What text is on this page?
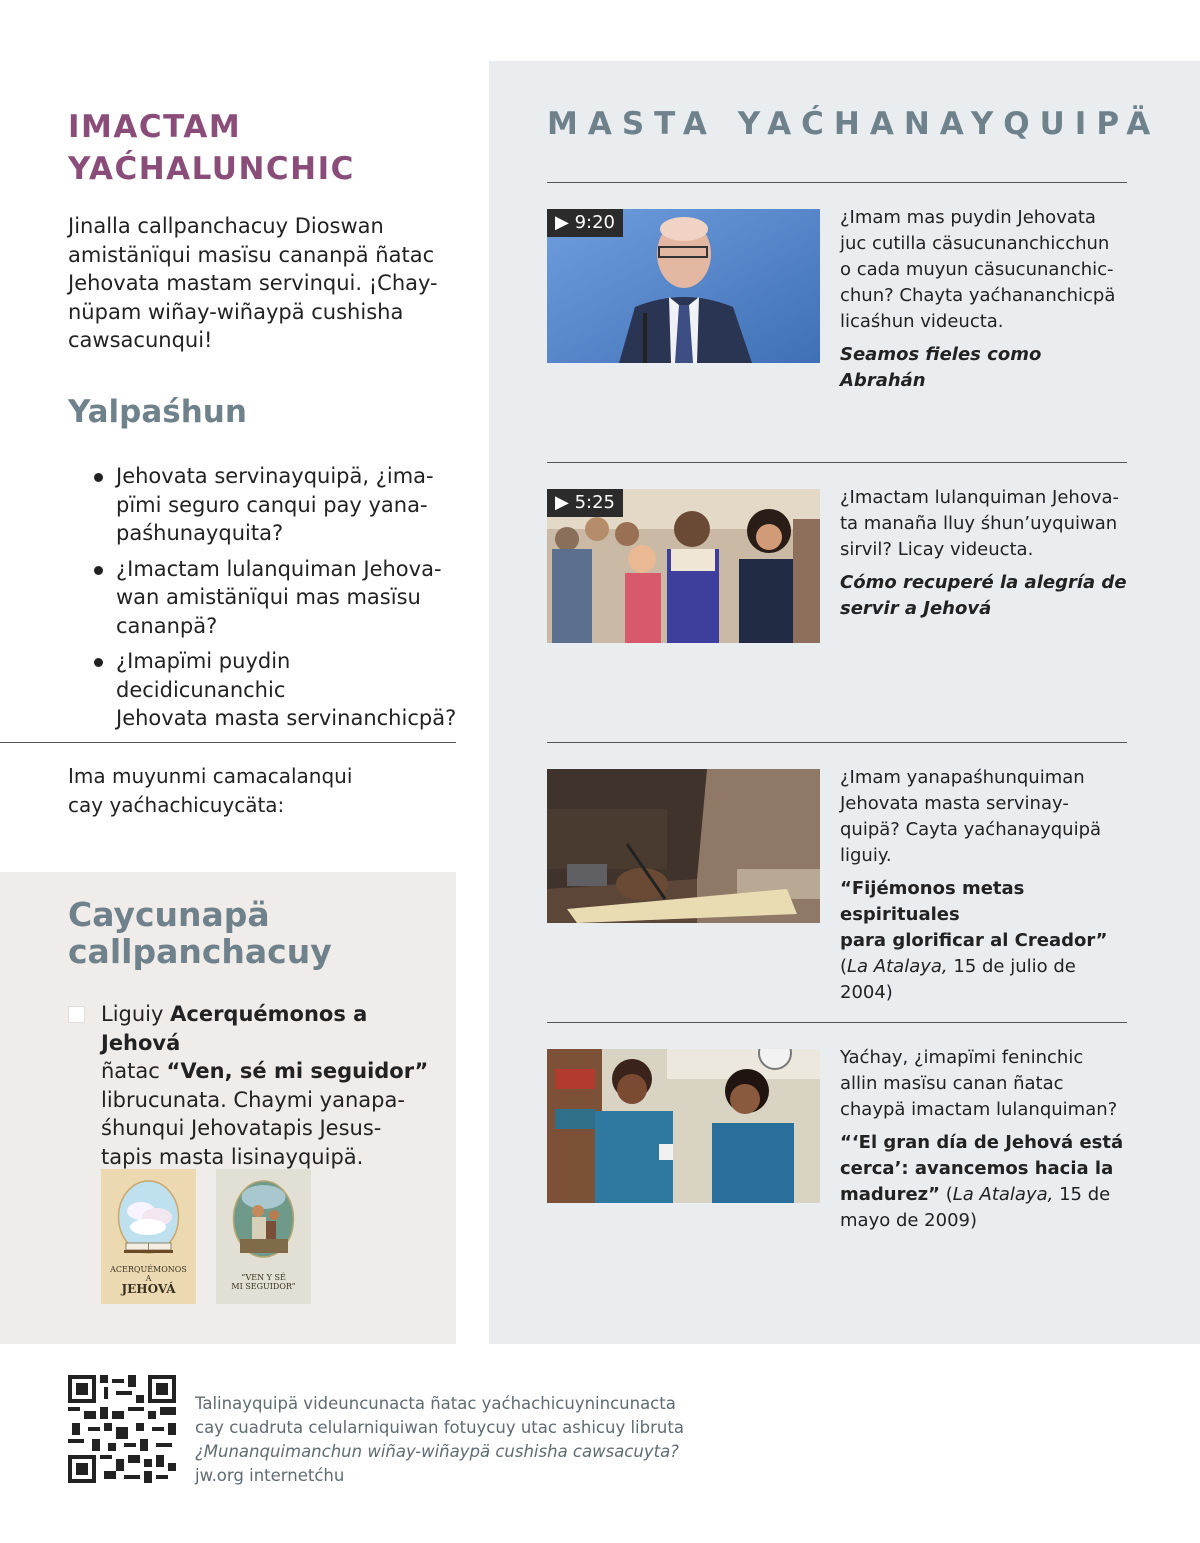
IMACTAM
YAĆHALUNCHIC
Jinalla callpanchacuy Dioswan
amistänïqui masïsu cananpä ñatac
Jehovata mastam servinqui. ¡Chay-
nüpam wiñay-wiñaypä cushisha
cawsacunqui!
Yalpaśhun
Jehovata servinayquipä, ¿ima-
pïmi seguro canqui pay yana-
paśhunayquita?
¿Imactam lulanquiman Jehova-
wan amistänïqui mas masïsu
cananpä?
¿Imapïmi puydin decidicunanchic
Jehovata masta servinanchicpä?
Ima muyunmi camacalanqui
cay yaćhachicuycäta:
Caycunapä
callpanchacuy
Liguiy Acerquémonos a Jehová
ñatac “Ven, sé mi seguidor”
librucunata. Chaymi yanapa-
śhunqui Jehovatapis Jesus-
tapis masta lisinayquipä.
ACERQUÉMONOS
A
JEHOVÁ
“VEN Y SÉ
MI SEGUIDOR”
MASTA YAĆHANAYQUIPÄ
▶ 9:20	¿Imam mas puydin Jehovata
juc cutilla cäsucunanchicchun
o cada muyun cäsucunanchic-
chun? Chayta yaćhananchicpä
licaśhun videucta.
Seamos fieles como Abrahán
▶ 5:25	¿Imactam lulanquiman Jehova-
ta manaña lluy śhun’uyquiwan
sirvil? Licay videucta.
Cómo recuperé la alegría de
servir a Jehová
¿Imam yanapaśhunquiman
Jehovata masta servinay-
quipä? Cayta yaćhanayquipä
liguiy.
“Fijémonos metas espirituales
para glorificar al Creador”
(La Atalaya, 15 de julio de 2004)
Yaćhay, ¿imapïmi feninchic
allin masïsu canan ñatac
chaypä imactam lulanquiman?
“‘El gran día de Jehová está
cerca’: avancemos hacia la
madurez” (La Atalaya, 15 de
mayo de 2009)
Talinayquipä videuncunacta ñatac yaćhachicuynincunacta
cay cuadruta celularniquiwan fotuycuy utac ashicuy libruta
¿Munanquimanchun wiñay-wiñaypä cushisha cawsacuyta?
jw.org internetćhu
